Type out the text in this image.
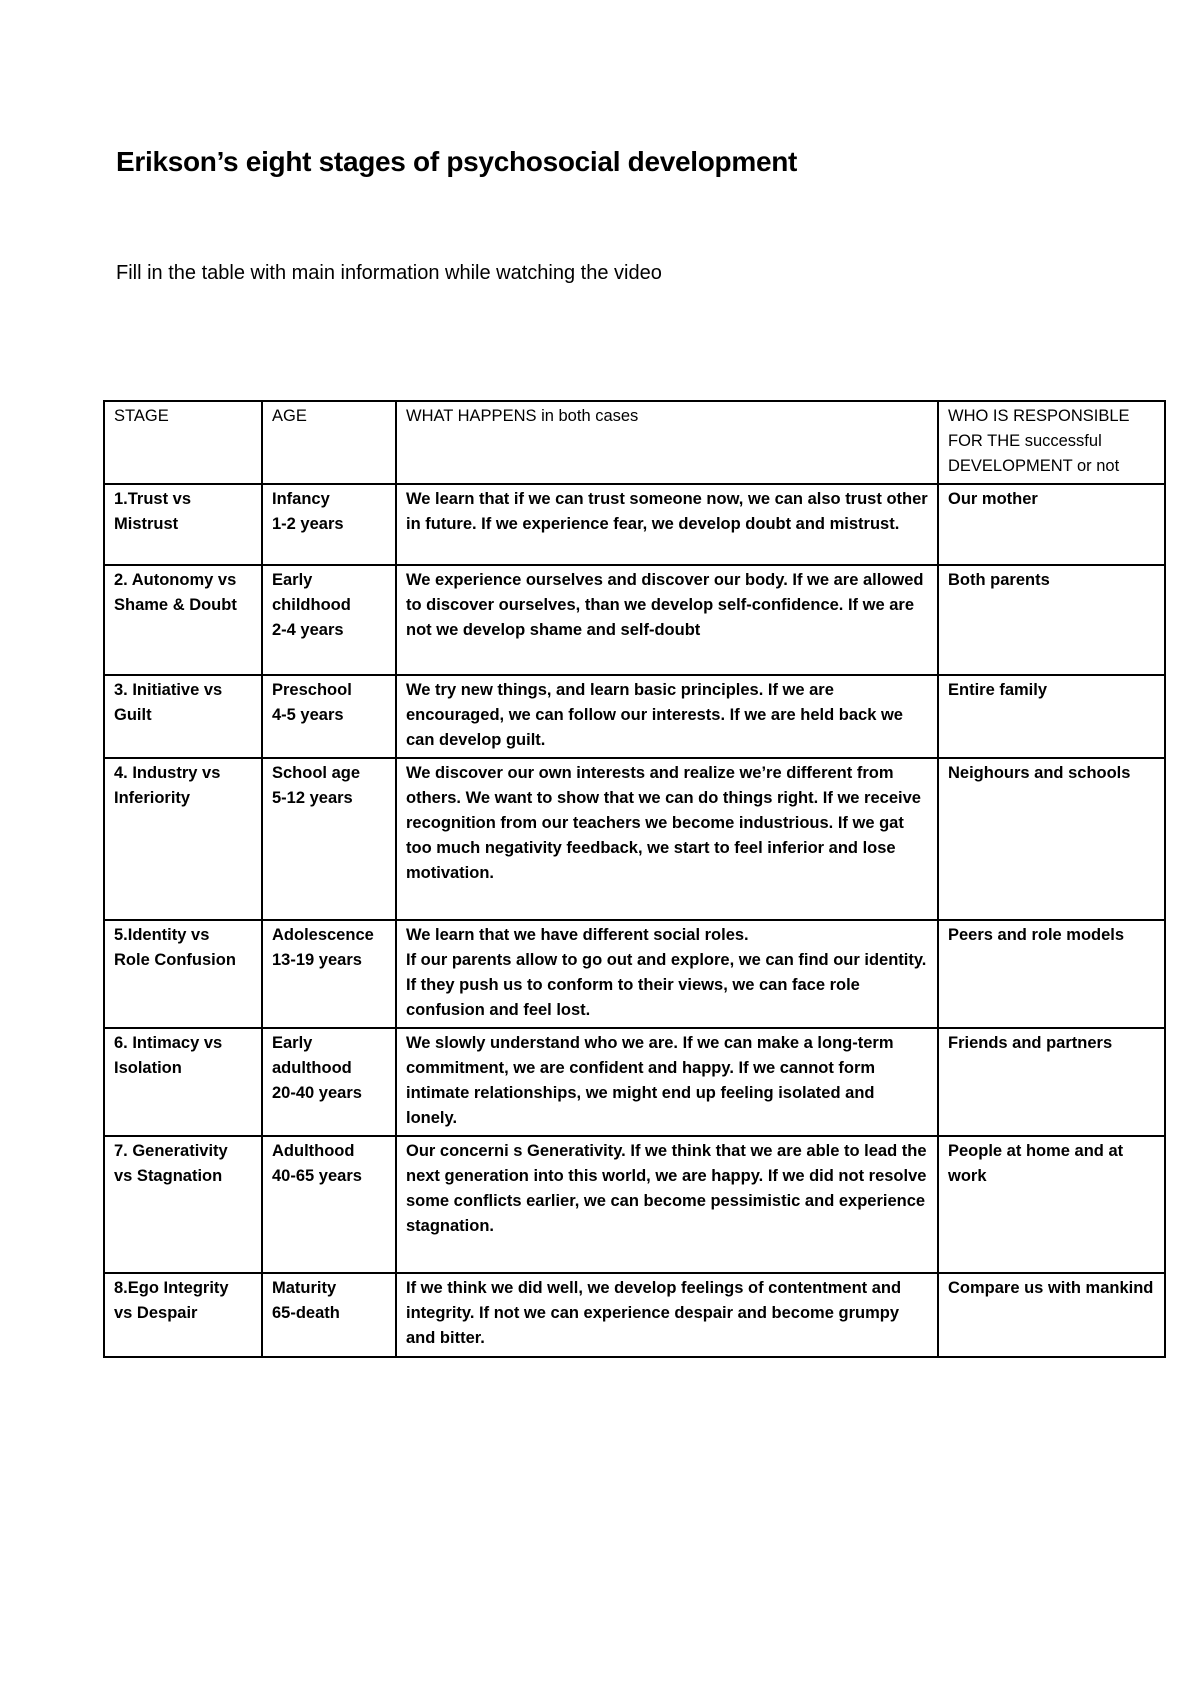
Erikson’s eight stages of psychosocial development

Fill in the table with main information while watching the video

STAGE	AGE	WHAT HAPPENS in both cases	WHO IS RESPONSIBLE
FOR THE successful
DEVELOPMENT or not
1.Trust vs
Mistrust	Infancy
1-2 years	We learn that if we can trust someone now, we can also trust other in future. If we experience fear, we develop doubt and mistrust.	Our mother
2. Autonomy vs
Shame & Doubt	Early
childhood
2-4 years	We experience ourselves and discover our body. If we are allowed to discover ourselves, than we develop self-confidence. If we are not we develop shame and self-doubt	Both parents
3. Initiative vs
Guilt	Preschool
4-5 years	We try new things, and learn basic principles. If we are encouraged, we can follow our interests. If we are held back we can develop guilt.	Entire family
4. Industry vs
Inferiority	School age
5-12 years	We discover our own interests and realize we’re different from others. We want to show that we can do things right. If we receive recognition from our teachers we become industrious. If we gat too much negativity feedback, we start to feel inferior and lose motivation.	Neighours and schools
5.Identity vs
Role Confusion	Adolescence
13-19 years	We learn that we have different social roles.
If our parents allow to go out and explore, we can find our identity. If they push us to conform to their views, we can face role confusion and feel lost.	Peers and role models
6. Intimacy vs
Isolation	Early
adulthood
20-40 years	We slowly understand who we are. If we can make a long-term commitment, we are confident and happy. If we cannot form intimate relationships, we might end up feeling isolated and lonely.	Friends and partners
7. Generativity
vs Stagnation	Adulthood
40-65 years	Our concerni s Generativity. If we think that we are able to lead the next generation into this world, we are happy. If we did not resolve some conflicts earlier, we can become pessimistic and experience stagnation.	People at home and at work
8.Ego Integrity
vs Despair	Maturity
65-death	If we think we did well, we develop feelings of contentment and integrity. If not we can experience despair and become grumpy and bitter.	Compare us with mankind
